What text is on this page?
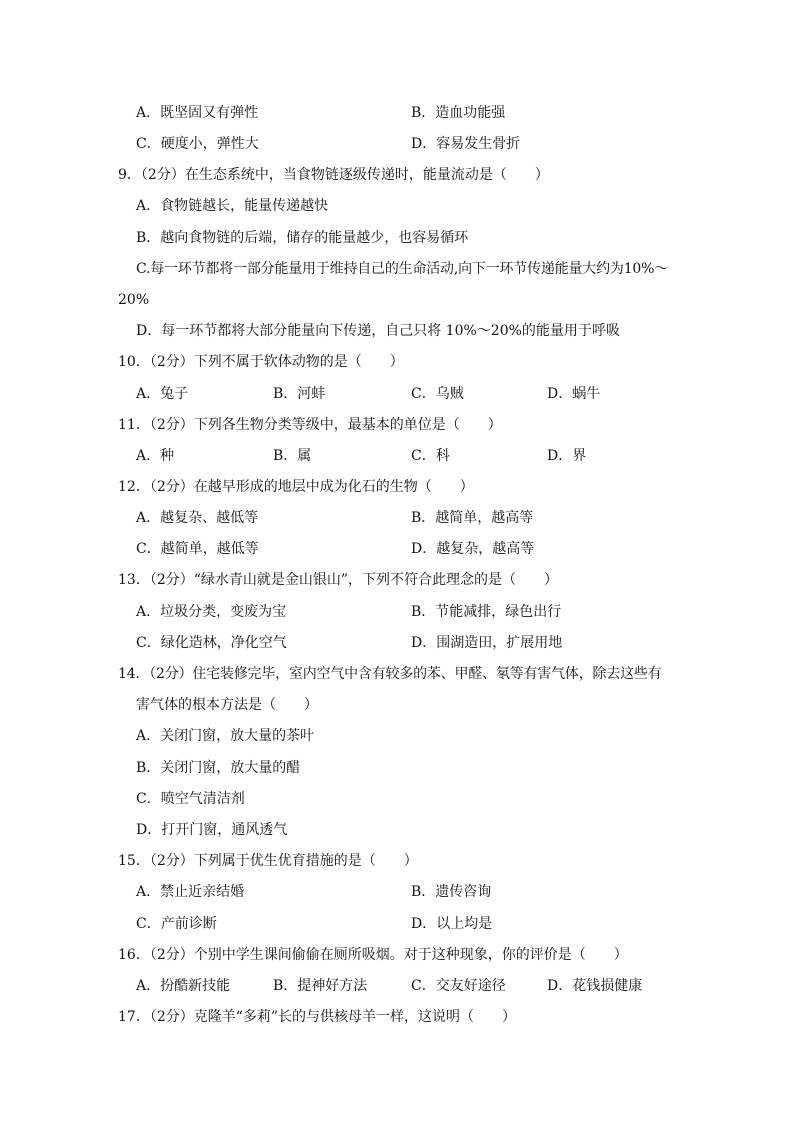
A．既坚固又有弹性	B．造血功能强
C．硬度小，弹性大	D．容易发生骨折
9．（2分）在生态系统中，当食物链逐级传递时，能量流动是（　　）
A．食物链越长，能量传递越快
B．越向食物链的后端，储存的能量越少，也容易循环
C.每一环节都将一部分能量用于维持自己的生命活动,向下一环节传递能量大约为10%～
20%
D．每一环节都将大部分能量向下传递，自己只将 10%～20%的能量用于呼吸
10．（2分）下列不属于软体动物的是（　　）
A．兔子	B．河蚌	C．乌贼	D．蜗牛
11．（2分）下列各生物分类等级中，最基本的单位是（　　）
A．种	B．属	C．科	D．界
12．（2分）在越早形成的地层中成为化石的生物（　　）
A．越复杂、越低等	B．越简单，越高等
C．越简单，越低等	D．越复杂，越高等
13．（2分）“绿水青山就是金山银山”，下列不符合此理念的是（　　）
A．垃圾分类，变废为宝	B．节能减排，绿色出行
C．绿化造林，净化空气	D．围湖造田，扩展用地
14．（2分）住宅装修完毕，室内空气中含有较多的苯、甲醛、氡等有害气体，除去这些有
害气体的根本方法是（　　）
A．关闭门窗，放大量的茶叶
B．关闭门窗，放大量的醋
C．喷空气清洁剂
D．打开门窗，通风透气
15．（2分）下列属于优生优育措施的是（　　）
A．禁止近亲结婚	B．遗传咨询
C．产前诊断	D．以上均是
16．（2分）个别中学生课间偷偷在厕所吸烟。对于这种现象，你的评价是（　　）
A．扮酷新技能	B．提神好方法	C．交友好途径	D．花钱损健康
17．（2分）克隆羊“多莉”长的与供核母羊一样，这说明（　　）
